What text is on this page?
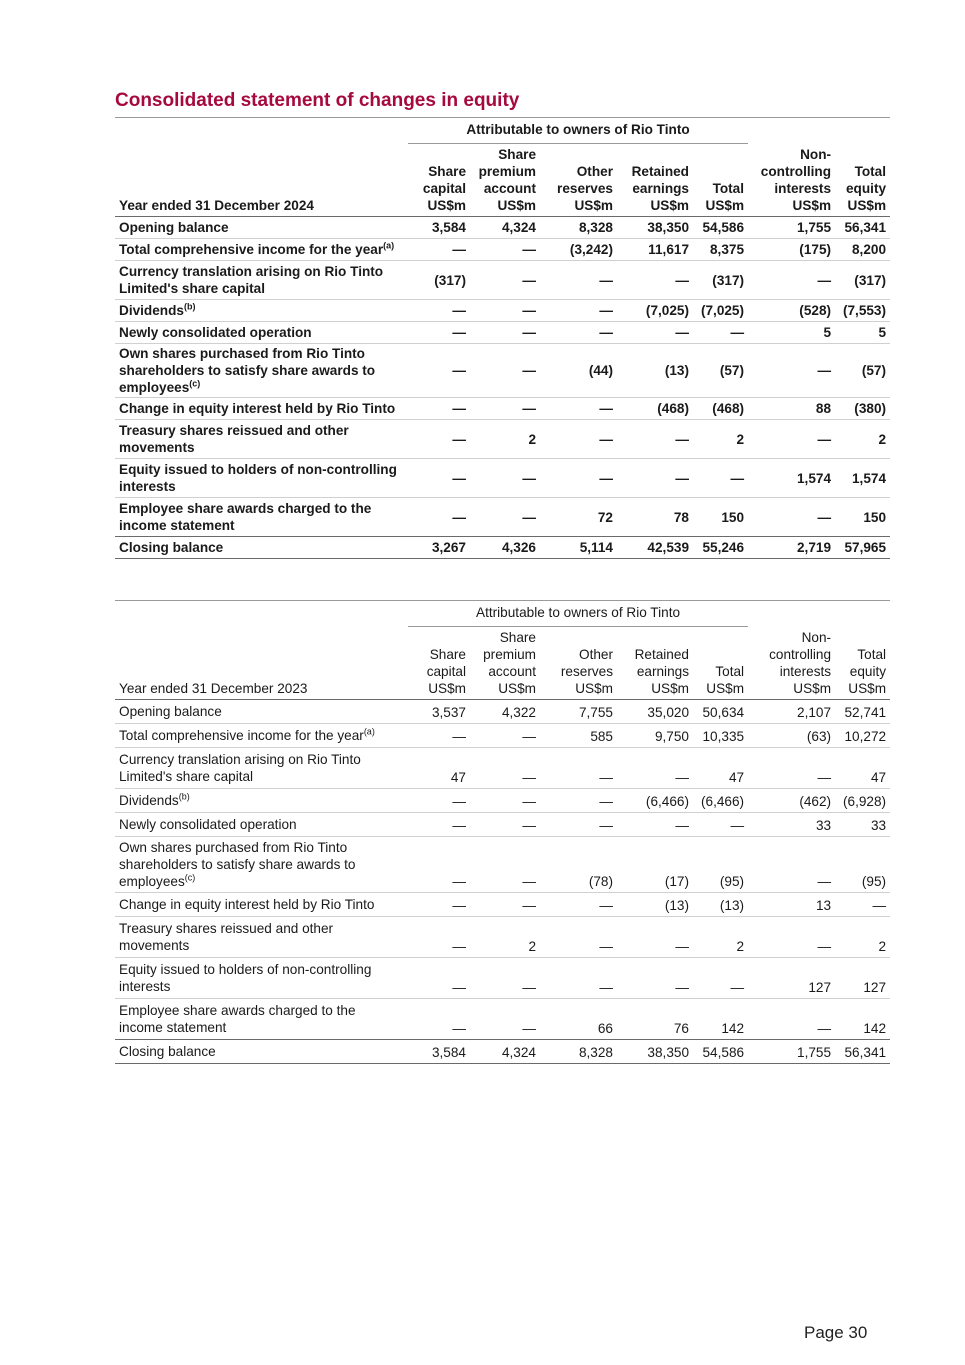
Consolidated statement of changes in equity
	Attributable to owners of Rio Tinto						
Year ended 31 December 2024	Share
capital
US$m	Share
premium
account
US$m	Other
reserves
US$m	Retained
earnings
US$m	Total
US$m	Non-
controlling
interests
US$m	Total
equity
US$m
Opening balance	3,584	4,324	8,328	38,350	54,586	1,755	56,341
Total comprehensive income for the year$^{(a)}$	—	—	(3,242)	11,617	8,375	(175)	8,200
Currency translation arising on Rio Tinto
Limited's share capital	(317)	—	—	—	(317)	—	(317)
Dividends$^{(b)}$	—	—	—	(7,025)	(7,025)	(528)	(7,553)
Newly consolidated operation	—	—	—	—	—	5	5
Own shares purchased from Rio Tinto
shareholders to satisfy share awards to
employees$^{(c)}$	—	—	(44)	(13)	(57)	—	(57)
Change in equity interest held by Rio Tinto	—	—	—	(468)	(468)	88	(380)
Treasury shares reissued and other
movements	—	2	—	—	2	—	2
Equity issued to holders of non-controlling
interests	—	—	—	—	—	1,574	1,574
Employee share awards charged to the
income statement	—	—	72	78	150	—	150
Closing balance	3,267	4,326	5,114	42,539	55,246	2,719	57,965
	Attributable to owners of Rio Tinto						
Year ended 31 December 2023	Share
capital
US$m	Share
premium
account
US$m	Other
reserves
US$m	Retained
earnings
US$m	Total
US$m	Non-
controlling
interests
US$m	Total
equity
US$m
Opening balance	3,537	4,322	7,755	35,020	50,634	2,107	52,741
Total comprehensive income for the year$^{(a)}$	—	—	585	9,750	10,335	(63)	10,272
Currency translation arising on Rio Tinto
Limited's share capital	47	—	—	—	47	—	47
Dividends$^{(b)}$	—	—	—	(6,466)	(6,466)	(462)	(6,928)
Newly consolidated operation	—	—	—	—	—	33	33
Own shares purchased from Rio Tinto
shareholders to satisfy share awards to
employees$^{(c)}$	—	—	(78)	(17)	(95)	—	(95)
Change in equity interest held by Rio Tinto	—	—	—	(13)	(13)	13	—
Treasury shares reissued and other
movements	—	2	—	—	2	—	2
Equity issued to holders of non-controlling
interests	—	—	—	—	—	127	127
Employee share awards charged to the
income statement	—	—	66	76	142	—	142
Closing balance	3,584	4,324	8,328	38,350	54,586	1,755	56,341
Page 30
